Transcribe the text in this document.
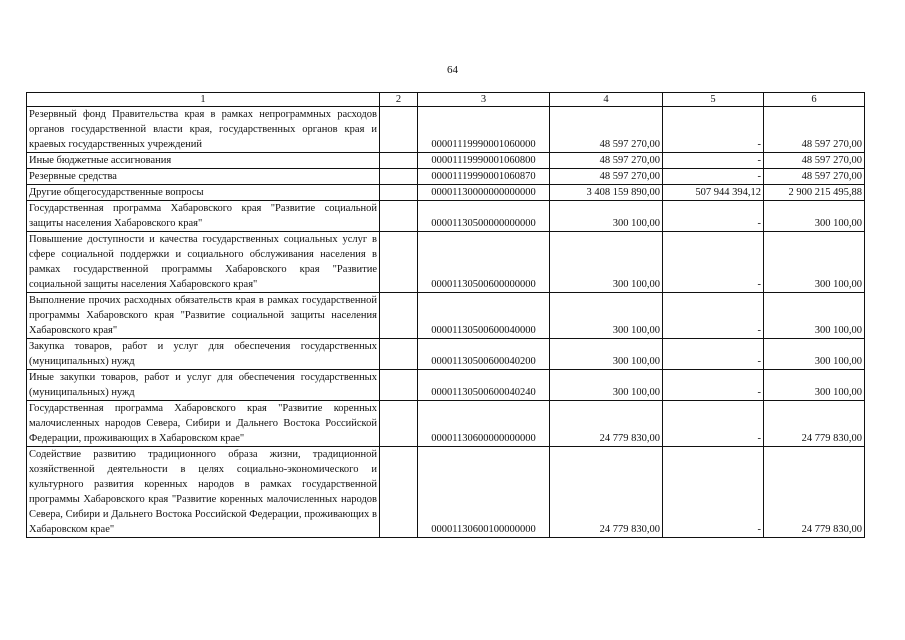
64
1	2	3	4	5	6
Резервный фонд Правительства края в рамках непрограммных расходов органов государственной власти края, государственных органов края и краевых государственных учреждений		00001119990001060000	48 597 270,00	-	48 597 270,00
Иные бюджетные ассигнования		00001119990001060800	48 597 270,00	-	48 597 270,00
Резервные средства		00001119990001060870	48 597 270,00	-	48 597 270,00
Другие общегосударственные вопросы		00001130000000000000	3 408 159 890,00	507 944 394,12	2 900 215 495,88
Государственная программа Хабаровского края "Развитие социальной защиты населения Хабаровского края"		00001130500000000000	300 100,00	-	300 100,00
Повышение доступности и качества государственных социальных услуг в сфере социальной поддержки и социального обслуживания населения в рамках государственной программы Хабаровского края "Развитие социальной защиты населения Хабаровского края"		00001130500600000000	300 100,00	-	300 100,00
Выполнение прочих расходных обязательств края в рамках государственной программы Хабаровского края "Развитие социальной защиты населения Хабаровского края"		00001130500600040000	300 100,00	-	300 100,00
Закупка товаров, работ и услуг для обеспечения государственных (муниципальных) нужд		00001130500600040200	300 100,00	-	300 100,00
Иные закупки товаров, работ и услуг для обеспечения государственных (муниципальных) нужд		00001130500600040240	300 100,00	-	300 100,00
Государственная программа Хабаровского края "Развитие коренных малочисленных народов Севера, Сибири и Дальнего Востока Российской Федерации, проживающих в Хабаровском крае"		00001130600000000000	24 779 830,00	-	24 779 830,00
Содействие развитию традиционного образа жизни, традиционной хозяйственной деятельности в целях социально-экономического и культурного развития коренных народов в рамках государственной программы Хабаровского края "Развитие коренных малочисленных народов Севера, Сибири и Дальнего Востока Российской Федерации, проживающих в Хабаровском крае"		00001130600100000000	24 779 830,00	-	24 779 830,00
